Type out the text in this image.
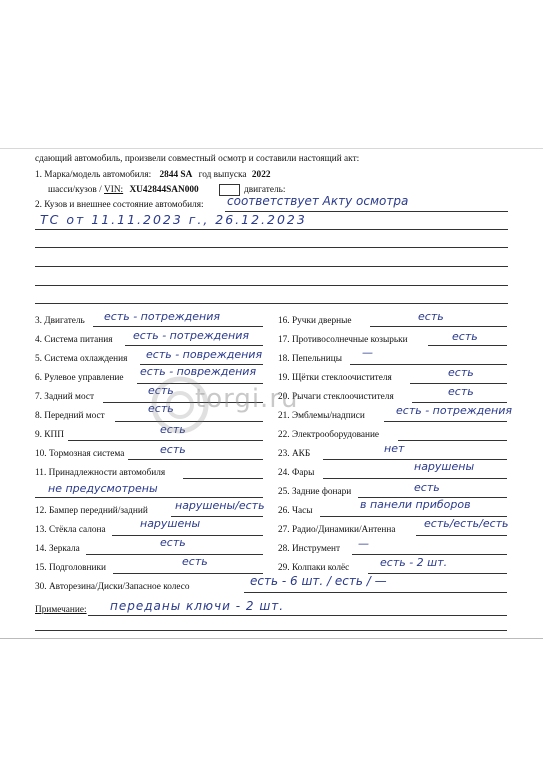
сдающий автомобиль, произвели совместный осмотр и составили настоящий акт:
1. Марка/модель автомобиля: 2844 SA год выпуска 2022
шасси/кузов / VIN: XU42844SAN000	двигатель:
2. Кузов и внешнее состояние автомобиля: соответствует Акту осмотра
ТС от 11.11.2023 г., 26.12.2023
3. Двигатель есть - потреждения
4. Система питания есть - потреждения
5. Система охлаждения есть - повреждения
6. Рулевое управление есть - повреждения
7. Задний мост	есть
8. Передний мост
есть
9. КПП	есть
10. Тормозная система	есть
11. Принадлежности автомобиля
не предусмотрены
12. Бампер передний/задний нарушены/есть
13. Стёкла салона	нарушены
14. Зеркала	есть
15. Подголовники	есть
16. Ручки дверные	есть
17. Противосолнечные козырьки	есть
18. Пепельницы —
19. Щётки стеклоочистителя	есть
20. Рычаги стеклоочистителя	есть
21. Эмблемы/надписи	есть - потреждения
22. Электрооборудование
23. АКБ	нет
24. Фары	нарушены
25. Задние фонари	есть
26. Часы	в панели приборов
27. Радио/Динамики/Антенна	есть/есть/есть
28. Инструмент —
29. Колпаки колёс	есть - 2 шт.
30. Авторезина/Диски/Запасное колесо	есть - 6 шт. / есть / —
Примечание: переданы ключи - 2 шт.
torgi.ru
